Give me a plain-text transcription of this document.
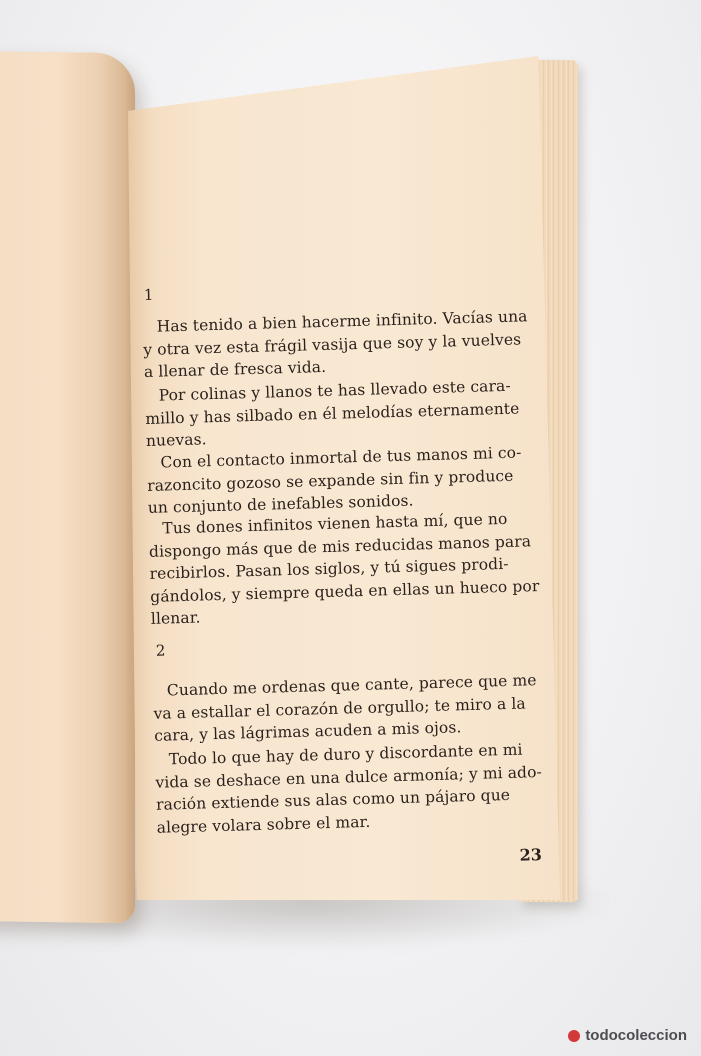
1
Has tenido a bien hacerme infinito. Vacías una
y otra vez esta frágil vasija que soy y la vuelves
a llenar de fresca vida.
Por colinas y llanos te has llevado este cara-
millo y has silbado en él melodías eternamente
nuevas.
Con el contacto inmortal de tus manos mi co-
razoncito gozoso se expande sin fin y produce
un conjunto de inefables sonidos.
Tus dones infinitos vienen hasta mí, que no
dispongo más que de mis reducidas manos para
recibirlos. Pasan los siglos, y tú sigues prodi-
gándolos, y siempre queda en ellas un hueco por
llenar.
2
Cuando me ordenas que cante, parece que me
va a estallar el corazón de orgullo; te miro a la
cara, y las lágrimas acuden a mis ojos.
Todo lo que hay de duro y discordante en mi
vida se deshace en una dulce armonía; y mi ado-
ración extiende sus alas como un pájaro que
alegre volara sobre el mar.
23
todocoleccion
